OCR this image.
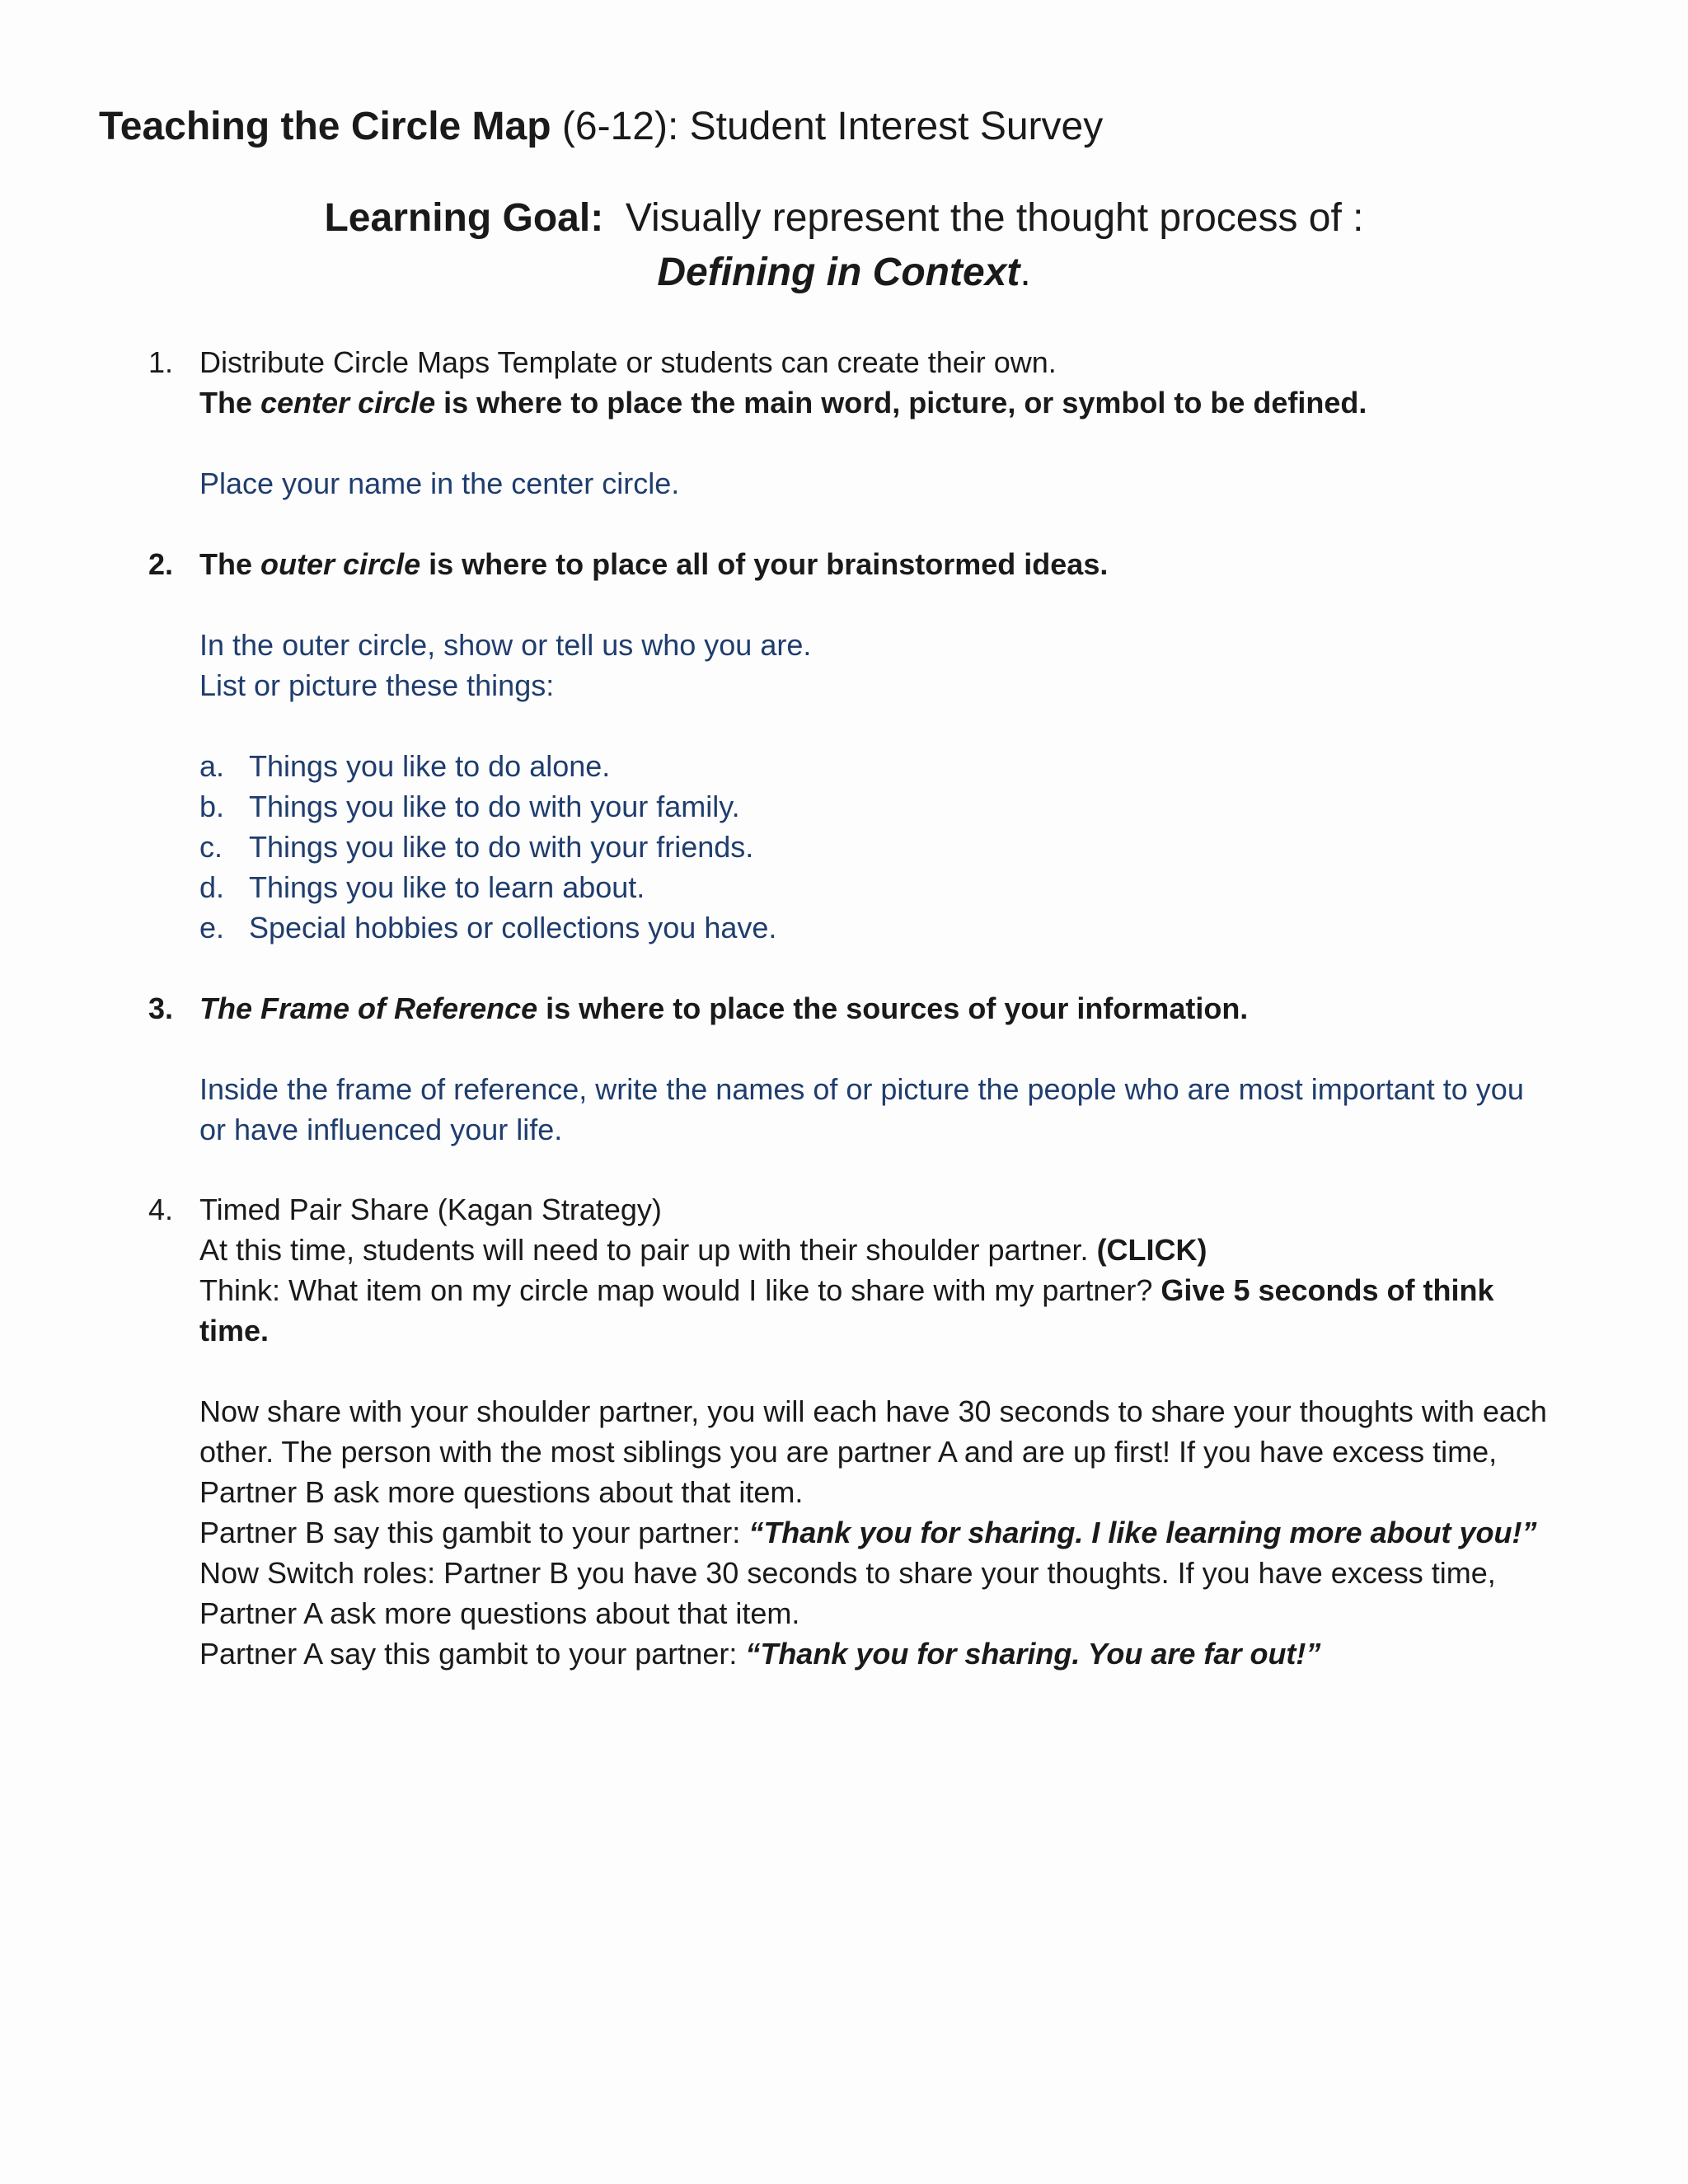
Teaching the Circle Map (6-12): Student Interest Survey
Learning Goal: Visually represent the thought process of :
Defining in Context.
1. Distribute Circle Maps Template or students can create their own.
The center circle is where to place the main word, picture, or symbol to be defined.
Place your name in the center circle.
2. The outer circle is where to place all of your brainstormed ideas.
In the outer circle, show or tell us who you are.
List or picture these things:
a. Things you like to do alone.
b. Things you like to do with your family.
c. Things you like to do with your friends.
d. Things you like to learn about.
e. Special hobbies or collections you have.
3. The Frame of Reference is where to place the sources of your information.
Inside the frame of reference, write the names of or picture the people who are most important to you
or have influenced your life.
4. Timed Pair Share (Kagan Strategy)
At this time, students will need to pair up with their shoulder partner. (CLICK)
Think: What item on my circle map would I like to share with my partner? Give 5 seconds of think
time.
Now share with your shoulder partner, you will each have 30 seconds to share your thoughts with each
other. The person with the most siblings you are partner A and are up first! If you have excess time,
Partner B ask more questions about that item.
Partner B say this gambit to your partner: “Thank you for sharing. I like learning more about you!”
Now Switch roles: Partner B you have 30 seconds to share your thoughts. If you have excess time,
Partner A ask more questions about that item.
Partner A say this gambit to your partner: “Thank you for sharing. You are far out!”
